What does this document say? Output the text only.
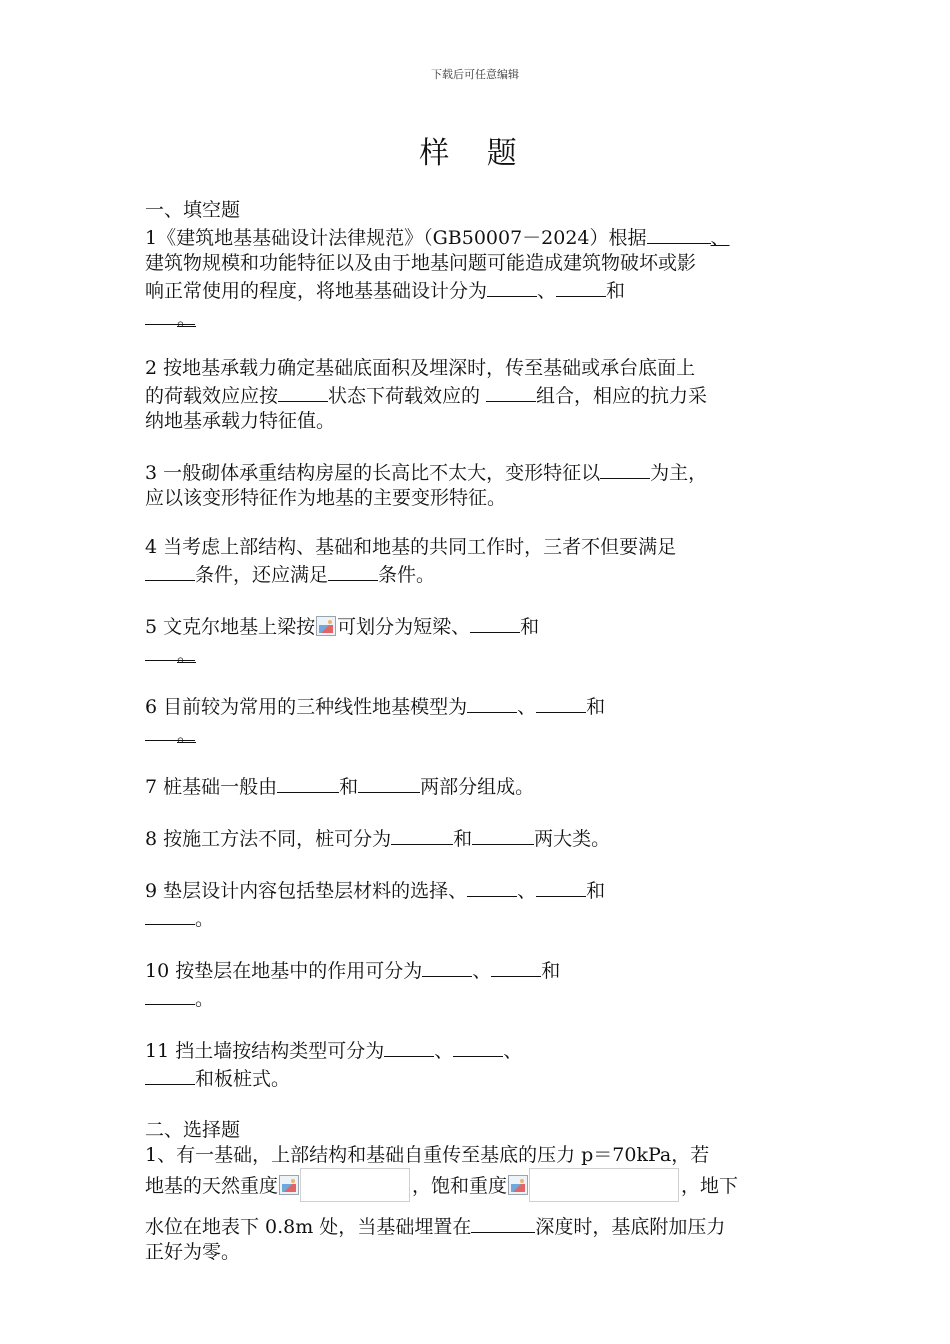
下载后可任意编辑
样 题

一、填空题

1《建筑地基基础设计法律规范》（GB50007－2024）根据	、
建筑物规模和功能特征以及由于地基问题可能造成建筑物破坏或影
响正常使用的程度，将地基基础设计分为	、	和
。
2 按地基承载力确定基础底面积及埋深时，传至基础或承台底面上
的荷载效应应按	状态下荷载效应的	组合，相应的抗力采
纳地基承载力特征值。
3 一般砌体承重结构房屋的长高比不太大，变形特征以	为主，
应以该变形特征作为地基的主要变形特征。
4 当考虑上部结构、基础和地基的共同工作时，三者不但要满足
条件，还应满足	条件。
5 文克尔地基上梁按 可划分为短梁、	和
。
6 目前较为常用的三种线性地基模型为	、	和
。
7 桩基础一般由	和	两部分组成。
8 按施工方法不同，桩可分为	和	两大类。
9 垫层设计内容包括垫层材料的选择、	、	和
。
10 按垫层在地基中的作用可分为	、	和
。
11 挡土墙按结构类型可分为	、	、
和板桩式。

二、选择题

1、有一基础，上部结构和基础自重传至基底的压力 p＝70kPa，若
地基的天然重度	，饱和重度	，地下
水位在地表下 0.8m 处，当基础埋置在	深度时，基底附加压力
正好为零。
